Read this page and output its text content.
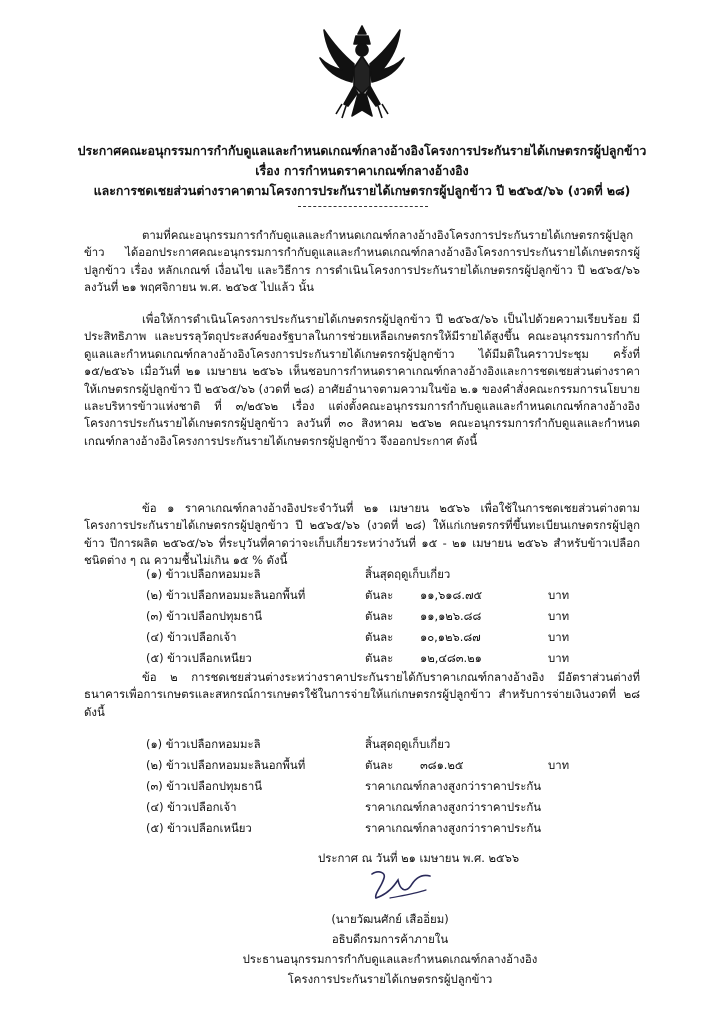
ประกาศคณะอนุกรรมการกำกับดูแลและกำหนดเกณฑ์กลางอ้างอิงโครงการประกันรายได้เกษตรกรผู้ปลูกข้าว
เรื่อง การกำหนดราคาเกณฑ์กลางอ้างอิง
และการชดเชยส่วนต่างราคาตามโครงการประกันรายได้เกษตรกรผู้ปลูกข้าว ปี ๒๕๖๕/๖๖ (งวดที่ ๒๘)
ตามที่คณะอนุกรรมการกำกับดูแลและกำหนดเกณฑ์กลางอ้างอิงโครงการประกันรายได้เกษตรกรผู้ปลูกข้าว ได้ออกประกาศคณะอนุกรรมการกำกับดูแลและกำหนดเกณฑ์กลางอ้างอิงโครงการประกันรายได้เกษตรกรผู้ปลูกข้าว เรื่อง หลักเกณฑ์ เงื่อนไข และวิธีการ การดำเนินโครงการประกันรายได้เกษตรกรผู้ปลูกข้าว ปี ๒๕๖๕/๖๖ ลงวันที่ ๒๑ พฤศจิกายน พ.ศ. ๒๕๖๕ ไปแล้ว นั้น
เพื่อให้การดำเนินโครงการประกันรายได้เกษตรกรผู้ปลูกข้าว ปี ๒๕๖๕/๖๖ เป็นไปด้วยความเรียบร้อย มีประสิทธิภาพ และบรรลุวัตถุประสงค์ของรัฐบาลในการช่วยเหลือเกษตรกรให้มีรายได้สูงขึ้น คณะอนุกรรมการกำกับดูแลและกำหนดเกณฑ์กลางอ้างอิงโครงการประกันรายได้เกษตรกรผู้ปลูกข้าว ได้มีมติในคราวประชุม ครั้งที่ ๑๕/๒๕๖๖ เมื่อวันที่ ๒๑ เมษายน ๒๕๖๖ เห็นชอบการกำหนดราคาเกณฑ์กลางอ้างอิงและการชดเชยส่วนต่างราคาให้เกษตรกรผู้ปลูกข้าว ปี ๒๕๖๕/๖๖ (งวดที่ ๒๘) อาศัยอำนาจตามความในข้อ ๒.๑ ของคำสั่งคณะกรรมการนโยบายและบริหารข้าวแห่งชาติ ที่ ๓/๒๕๖๒ เรื่อง แต่งตั้งคณะอนุกรรมการกำกับดูแลและกำหนดเกณฑ์กลางอ้างอิงโครงการประกันรายได้เกษตรกรผู้ปลูกข้าว ลงวันที่ ๓๐ สิงหาคม ๒๕๖๒ คณะอนุกรรมการกำกับดูแลและกำหนดเกณฑ์กลางอ้างอิงโครงการประกันรายได้เกษตรกรผู้ปลูกข้าว จึงออกประกาศ ดังนี้
ข้อ ๑ ราคาเกณฑ์กลางอ้างอิงประจำวันที่ ๒๑ เมษายน ๒๕๖๖ เพื่อใช้ในการชดเชยส่วนต่างตามโครงการประกันรายได้เกษตรกรผู้ปลูกข้าว ปี ๒๕๖๕/๖๖ (งวดที่ ๒๘) ให้แก่เกษตรกรที่ขึ้นทะเบียนเกษตรกรผู้ปลูกข้าว ปีการผลิต ๒๕๖๕/๖๖ ที่ระบุวันที่คาดว่าจะเก็บเกี่ยวระหว่างวันที่ ๑๕ - ๒๑ เมษายน ๒๕๖๖ สำหรับข้าวเปลือกชนิดต่าง ๆ ณ ความชื้นไม่เกิน ๑๕ % ดังนี้
(๑) ข้าวเปลือกหอมมะลิ	สิ้นสุดฤดูเก็บเกี่ยว
(๒) ข้าวเปลือกหอมมะลินอกพื้นที่	ตันละ ๑๑,๖๑๘.๗๕	บาท
(๓) ข้าวเปลือกปทุมธานี	ตันละ ๑๑,๑๒๖.๘๘	บาท
(๔) ข้าวเปลือกเจ้า	ตันละ ๑๐,๑๒๖.๘๗	บาท
(๕) ข้าวเปลือกเหนียว	ตันละ ๑๒,๔๘๓.๒๑	บาท
ข้อ ๒ การชดเชยส่วนต่างระหว่างราคาประกันรายได้กับราคาเกณฑ์กลางอ้างอิง มีอัตราส่วนต่างที่ธนาคารเพื่อการเกษตรและสหกรณ์การเกษตรใช้ในการจ่ายให้แก่เกษตรกรผู้ปลูกข้าว สำหรับการจ่ายเงินงวดที่ ๒๘ ดังนี้
(๑) ข้าวเปลือกหอมมะลิ	สิ้นสุดฤดูเก็บเกี่ยว
(๒) ข้าวเปลือกหอมมะลินอกพื้นที่	ตันละ ๓๘๑.๒๕	บาท
(๓) ข้าวเปลือกปทุมธานี	ราคาเกณฑ์กลางสูงกว่าราคาประกัน
(๔) ข้าวเปลือกเจ้า	ราคาเกณฑ์กลางสูงกว่าราคาประกัน
(๕) ข้าวเปลือกเหนียว	ราคาเกณฑ์กลางสูงกว่าราคาประกัน
ประกาศ ณ วันที่ ๒๑ เมษายน พ.ศ. ๒๕๖๖
(นายวัฒนศักย์ เสืออิ่ยม)
อธิบดีกรมการค้าภายใน
ประธานอนุกรรมการกำกับดูแลและกำหนดเกณฑ์กลางอ้างอิง
โครงการประกันรายได้เกษตรกรผู้ปลูกข้าว
